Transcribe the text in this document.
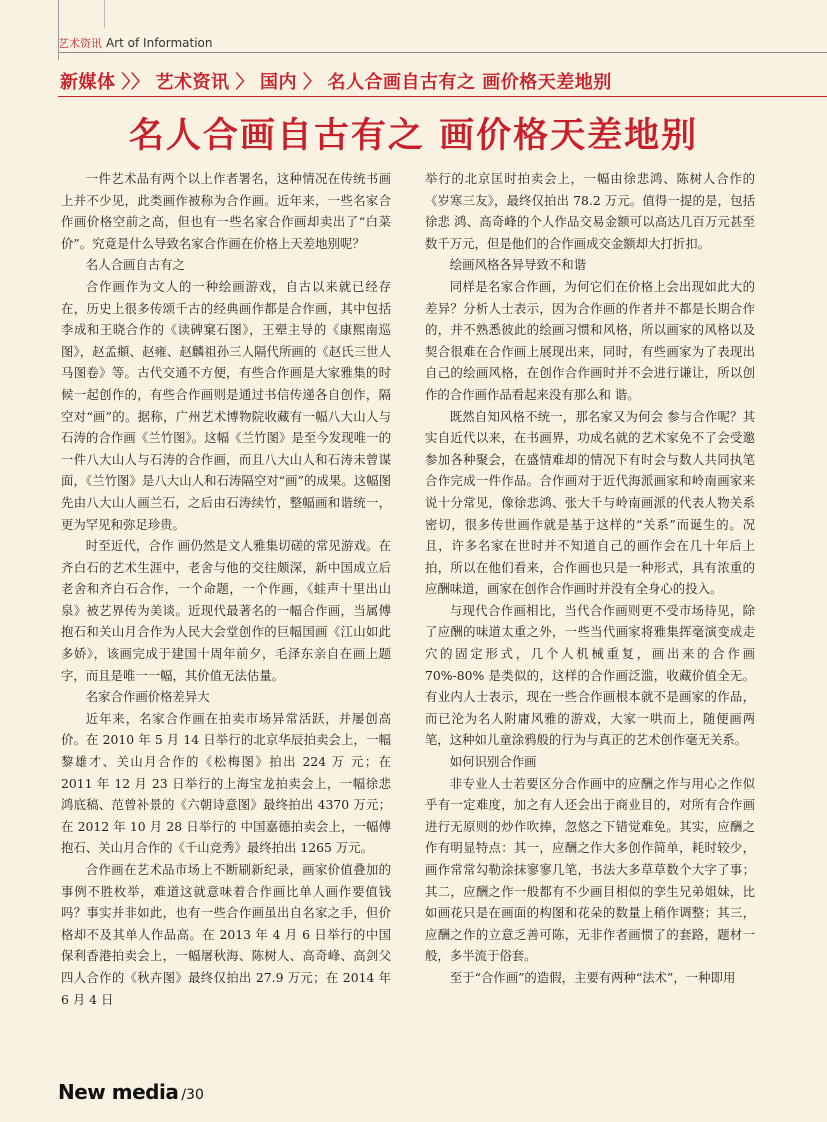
艺术资讯 Art of Information
新媒体 〉〉 艺术资讯 〉 国内 〉 名人合画自古有之 画价格天差地别
名人合画自古有之 画价格天差地别

一件艺术品有两个以上作者署名，这种情况在传统书画上并不少见，此类画作被称为合作画。近年来，一些名家合作画价格空前之高，但也有一些名家合作画却卖出了“白菜价”。究竟是什么导致名家合作画在价格上天差地别呢？

名人合画自古有之

合作画作为文人的一种绘画游戏，自古以来就已经存在，历史上很多传颂千古的经典画作都是合作画，其中包括李成和王晓合作的《读碑窠石图》，王翚主导的《康熙南巡图》，赵孟頫、赵雍、赵麟祖孙三人隔代所画的《赵氏三世人马图卷》等。古代交通不方便，有些合作画是大家雅集的时候一起创作的，有些合作画则是通过书信传递各自创作，隔空对“画”的。据称，广州艺术博物院收藏有一幅八大山人与石涛的合作画《兰竹图》。这幅《兰竹图》是至今发现唯一的一件八大山人与石涛的合作画，而且八大山人和石涛未曾谋面，《兰竹图》是八大山人和石涛隔空对“画”的成果。这幅图先由八大山人画兰石，之后由石涛续竹，整幅画和谐统一，更为罕见和弥足珍贵。

时至近代，合作 画仍然是文人雅集切磋的常见游戏。在齐白石的艺术生涯中，老舍与他的交往颇深，新中国成立后老舍和齐白石合作，一个命题，一个作画，《蛙声十里出山泉》被艺界传为美谈。近现代最著名的一幅合作画，当属傅抱石和关山月合作为人民大会堂创作的巨幅国画《江山如此多娇》，该画完成于建国十周年前夕，毛泽东亲自在画上题字，而且是唯一一幅，其价值无法估量。

名家合作画价格差异大

近年来，名家合作画在拍卖市场异常活跃，并屡创高价。在 2010 年 5 月 14 日举行的北京华辰拍卖会上，一幅黎雄才、关山月合作的《松梅图》拍出 224 万 元；在 2011 年 12 月 23 日举行的上海宝龙拍卖会上，一幅徐悲鸿底稿、范曾补景的《六朝诗意图》最终拍出 4370 万元；在 2012 年 10 月 28 日举行的 中国嘉德拍卖会上，一幅傅抱石、关山月合作的《千山竞秀》最终拍出 1265 万元。

合作画在艺术品市场上不断刷新纪录，画家价值叠加的事例不胜枚举，难道这就意味着合作画比单人画作要值钱吗？事实并非如此，也有一些合作画虽出自名家之手，但价格却不及其单人作品高。在 2013 年 4 月 6 日举行的中国保利香港拍卖会上，一幅屠秋海、陈树人、高奇峰、高剑父四人合作的《秋卉图》最终仅拍出 27.9 万元；在 2014 年 6 月 4 日

举行的北京匡时拍卖会上，一幅由徐悲鸿、陈树人合作的《岁寒三友》，最终仅拍出 78.2 万元。值得一提的是，包括徐悲 鸿、高奇峰的个人作品交易金额可以高达几百万元甚至数千万元，但是他们的合作画成交金额却大打折扣。

绘画风格各异导致不和谐

同样是名家合作画，为何它们在价格上会出现如此大的差异？分析人士表示，因为合作画的作者并不都是长期合作的，并不熟悉彼此的绘画习惯和风格，所以画家的风格以及契合很难在合作画上展现出来，同时，有些画家为了表现出自己的绘画风格，在创作合作画时并不会进行谦让，所以创作的合作画作品看起来没有那么和 谐。

既然自知风格不统一，那名家又为何会 参与合作呢？其实自近代以来，在书画界，功成名就的艺术家免不了会受邀参加各种聚会，在盛情难却的情况下有时会与数人共同执笔合作完成一件作品。合作画对于近代海派画家和岭南画家来说十分常见，像徐悲鸿、张大千与岭南画派的代表人物关系密切，很多传世画作就是基于这样的“关系”而诞生的。况且，许多名家在世时并不知道自己的画作会在几十年后上拍，所以在他们看来，合作画也只是一种形式，具有浓重的应酬味道，画家在创作合作画时并没有全身心的投入。

与现代合作画相比，当代合作画则更不受市场待见，除了应酬的味道太重之外，一些当代画家将雅集挥毫演变成走穴的固定形式，几个人机械重复，画出来的合作画 70%-80% 是类似的，这样的合作画泛滥，收藏价值全无。有业内人士表示，现在一些合作画根本就不是画家的作品，而已沦为名人附庸风雅的游戏，大家一哄而上，随便画两笔，这种如儿童涂鸦般的行为与真正的艺术创作毫无关系。

如何识别合作画

非专业人士若要区分合作画中的应酬之作与用心之作似乎有一定难度，加之有人还会出于商业目的，对所有合作画进行无原则的炒作吹捧，忽悠之下错觉难免。其实，应酬之作有明显特点：其一，应酬之作大多创作简单，耗时较少，画作常常勾勒涂抹寥寥几笔，书法大多草草数个大字了事；其二，应酬之作一般都有不少画目相似的孪生兄弟姐妹，比如画花只是在画面的构图和花朵的数量上稍作调整；其三，应酬之作的立意乏善可陈，无非作者画惯了的套路，题材一般，多半流于俗套。

至于“合作画”的造假，主要有两种“法术”，一种即用

New media /30
